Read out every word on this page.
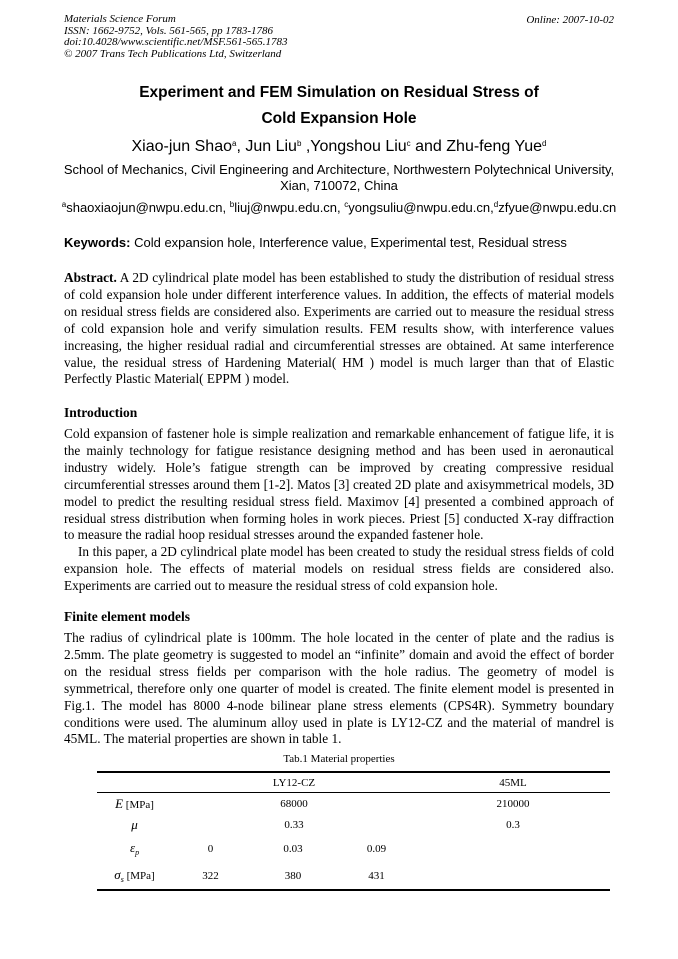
Materials Science Forum
ISSN: 1662-9752, Vols. 561-565, pp 1783-1786
doi:10.4028/www.scientific.net/MSF.561-565.1783
© 2007 Trans Tech Publications Ltd, Switzerland
Online: 2007-10-02
Experiment and FEM Simulation on Residual Stress of
Cold Expansion Hole
Xiao-jun Shao$^a$, Jun Liu$^b$ ,Yongshou Liu$^c$ and Zhu-feng Yue$^d$
School of Mechanics, Civil Engineering and Architecture, Northwestern Polytechnical University, Xian, 710072, China
$^a$shaoxiaojun@nwpu.edu.cn, $^b$liuj@nwpu.edu.cn, $^c$yongsuliu@nwpu.edu.cn,$^d$zfyue@nwpu.edu.cn
Keywords: Cold expansion hole, Interference value, Experimental test, Residual stress
Abstract. A 2D cylindrical plate model has been established to study the distribution of residual stress of cold expansion hole under different interference values. In addition, the effects of material models on residual stress fields are considered also. Experiments are carried out to measure the residual stress of cold expansion hole and verify simulation results. FEM results show, with interference values increasing, the higher residual radial and circumferential stresses are obtained. At same interference value, the residual stress of Hardening Material( HM ) model is much larger than that of Elastic Perfectly Plastic Material( EPPM ) model.
Introduction
Cold expansion of fastener hole is simple realization and remarkable enhancement of fatigue life, it is the mainly technology for fatigue resistance designing method and has been used in aeronautical industry widely. Hole’s fatigue strength can be improved by creating compressive residual circumferential stresses around them [1-2]. Matos [3] created 2D plate and axisymmetrical models, 3D model to predict the resulting residual stress field. Maximov [4] presented a combined approach of residual stress distribution when forming holes in work pieces. Priest [5] conducted X-ray diffraction to measure the radial hoop residual stresses around the expanded fastener hole.
In this paper, a 2D cylindrical plate model has been created to study the residual stress fields of cold expansion hole. The effects of material models on residual stress fields are considered also. Experiments are carried out to measure the residual stress of cold expansion hole.
Finite element models
The radius of cylindrical plate is 100mm. The hole located in the center of plate and the radius is 2.5mm. The plate geometry is suggested to model an “infinite” domain and avoid the effect of border on the residual stress fields per comparison with the hole radius. The geometry of model is symmetrical, therefore only one quarter of model is created. The finite element model is presented in Fig.1. The model has 8000 4-node bilinear plane stress elements (CPS4R). Symmetry boundary conditions were used. The aluminum alloy used in plate is LY12-CZ and the material of mandrel is 45ML. The material properties are shown in table 1.
Tab.1 Material properties
	LY12-CZ			45ML
E [MPa]	68000			210000
μ	0.33			0.3
$\varepsilon_p$	0	0.03	0.09	
$\sigma_s$ [MPa]	322	380	431	
